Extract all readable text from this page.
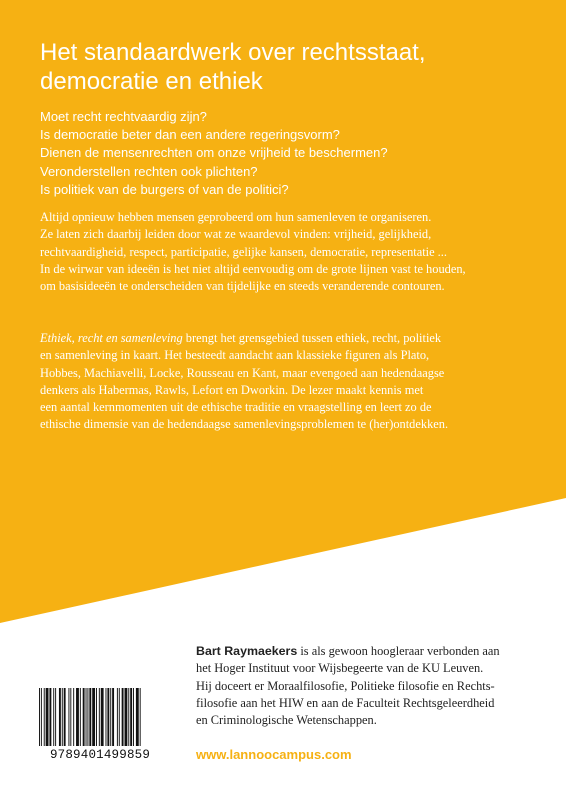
Het standaardwerk over rechtsstaat,
democratie en ethiek
Moet recht rechtvaardig zijn?
Is democratie beter dan een andere regeringsvorm?
Dienen de mensenrechten om onze vrijheid te beschermen?
Veronderstellen rechten ook plichten?
Is politiek van de burgers of van de politici?

Altijd opnieuw hebben mensen geprobeerd om hun samenleven te organiseren.
Ze laten zich daarbij leiden door wat ze waardevol vinden: vrijheid, gelijkheid,
rechtvaardigheid, respect, participatie, gelijke kansen, democratie, representatie ...
In de wirwar van ideeën is het niet altijd eenvoudig om de grote lijnen vast te houden,
om basisideeën te onderscheiden van tijdelijke en steeds veranderende contouren.

Ethiek, recht en samenleving brengt het grensgebied tussen ethiek, recht, politiek
en samenleving in kaart. Het besteedt aandacht aan klassieke figuren als Plato,
Hobbes, Machiavelli, Locke, Rousseau en Kant, maar evengoed aan hedendaagse
denkers als Habermas, Rawls, Lefort en Dworkin. De lezer maakt kennis met
een aantal kernmomenten uit de ethische traditie en vraagstelling en leert zo de
ethische dimensie van de hedendaagse samenlevingsproblemen te (her)ontdekken.

Bart Raymaekers is als gewoon hoogleraar verbonden aan
het Hoger Instituut voor Wijsbegeerte van de KU Leuven.
Hij doceert er Moraalfilosofie, Politieke filosofie en Rechts-
filosofie aan het HIW en aan de Faculteit Rechtsgeleerdheid
en Criminologische Wetenschappen.

www.lannoocampus.com

9789401499859
